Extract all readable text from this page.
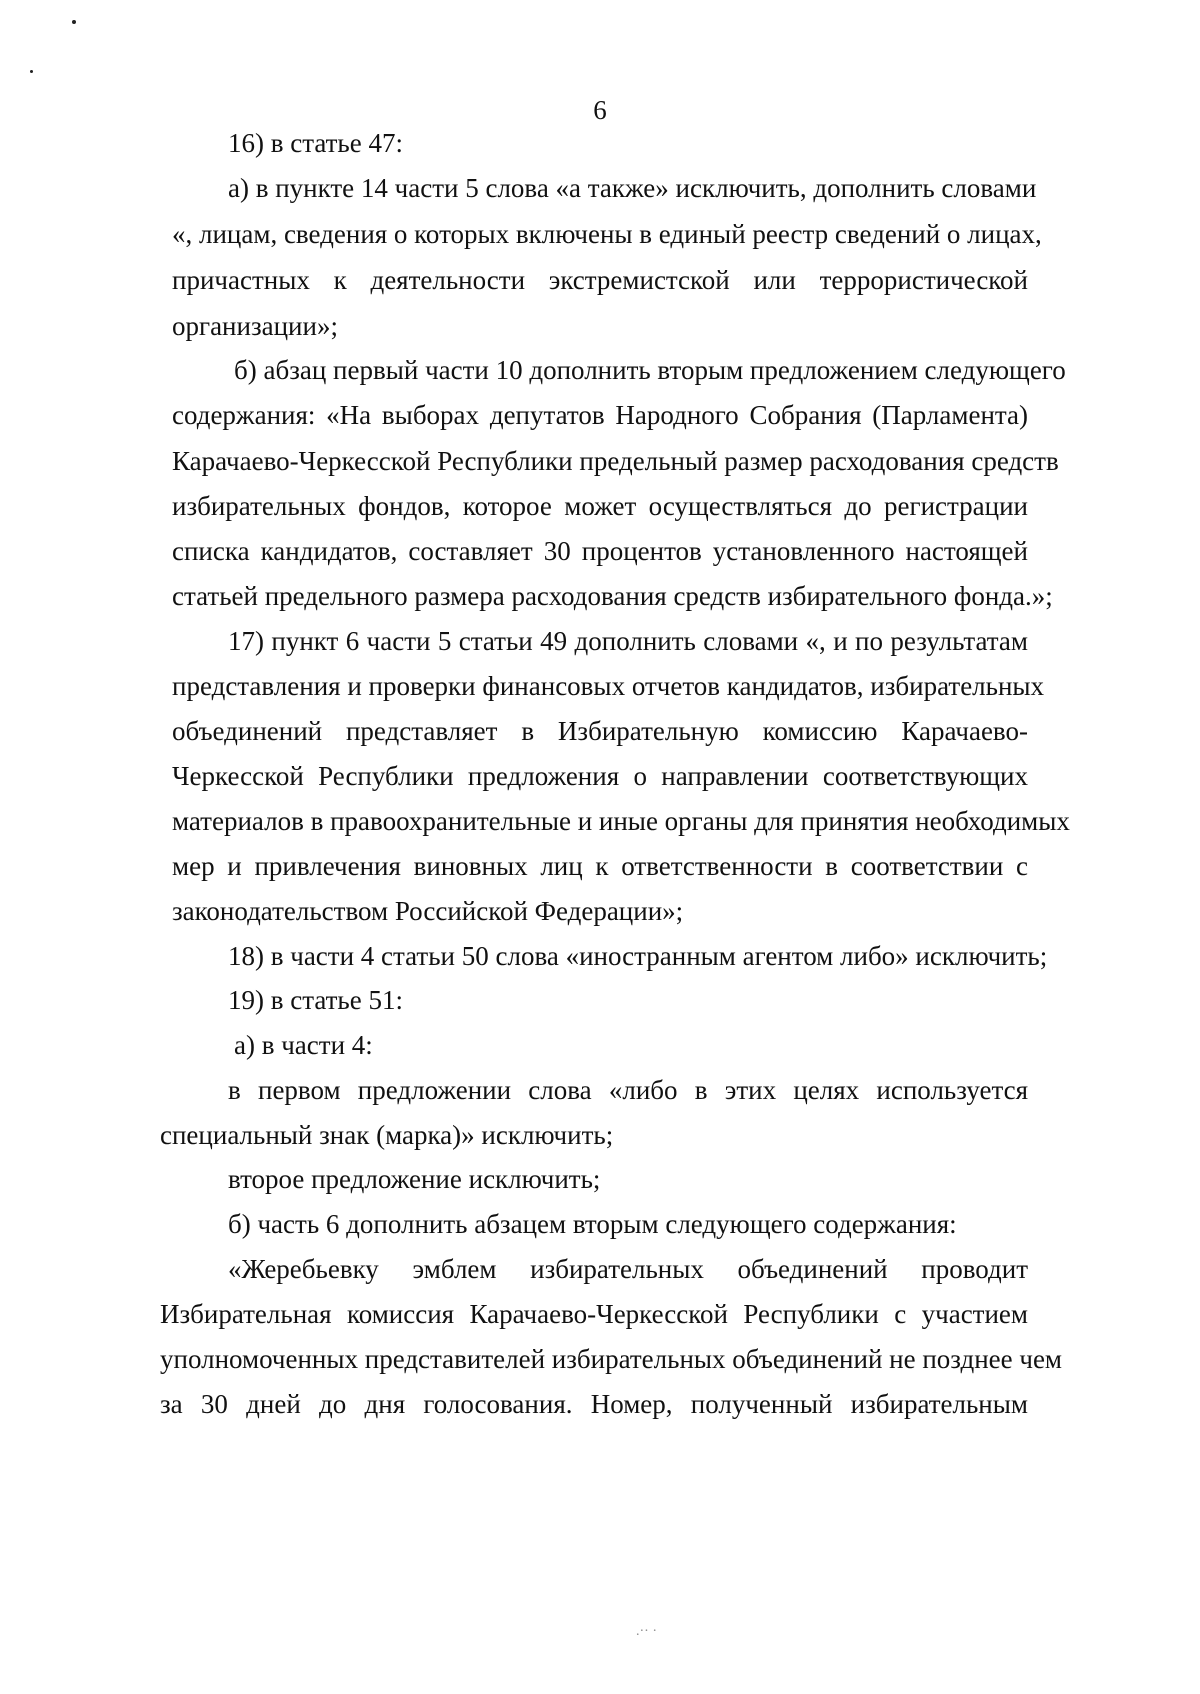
6
16) в статье 47:
а) в пункте 14 части 5 слова «а также» исключить, дополнить словами
«, лицам, сведения о которых включены в единый реестр сведений о лицах,
причастных к деятельности экстремистской или террористической
организации»;
б) абзац первый части 10 дополнить вторым предложением следующего
содержания: «На выборах депутатов Народного Собрания (Парламента)
Карачаево-Черкесской Республики предельный размер расходования средств
избирательных фондов, которое может осуществляться до регистрации
списка кандидатов, составляет 30 процентов установленного настоящей
статьей предельного размера расходования средств избирательного фонда.»;
17) пункт 6 части 5 статьи 49 дополнить словами «, и по результатам
представления и проверки финансовых отчетов кандидатов, избирательных
объединений представляет в Избирательную комиссию Карачаево-
Черкесской Республики предложения о направлении соответствующих
материалов в правоохранительные и иные органы для принятия необходимых
мер и привлечения виновных лиц к ответственности в соответствии с
законодательством Российской Федерации»;
18) в части 4 статьи 50 слова «иностранным агентом либо» исключить;
19) в статье 51:
а) в части 4:
в первом предложении слова «либо в этих целях используется
специальный знак (марка)» исключить;
второе предложение исключить;
б) часть 6 дополнить абзацем вторым следующего содержания:
«Жеребьевку эмблем избирательных объединений проводит
Избирательная комиссия Карачаево-Черкесской Республики с участием
уполномоченных представителей избирательных объединений не позднее чем
за 30 дней до дня голосования. Номер, полученный избирательным
.·· ·
